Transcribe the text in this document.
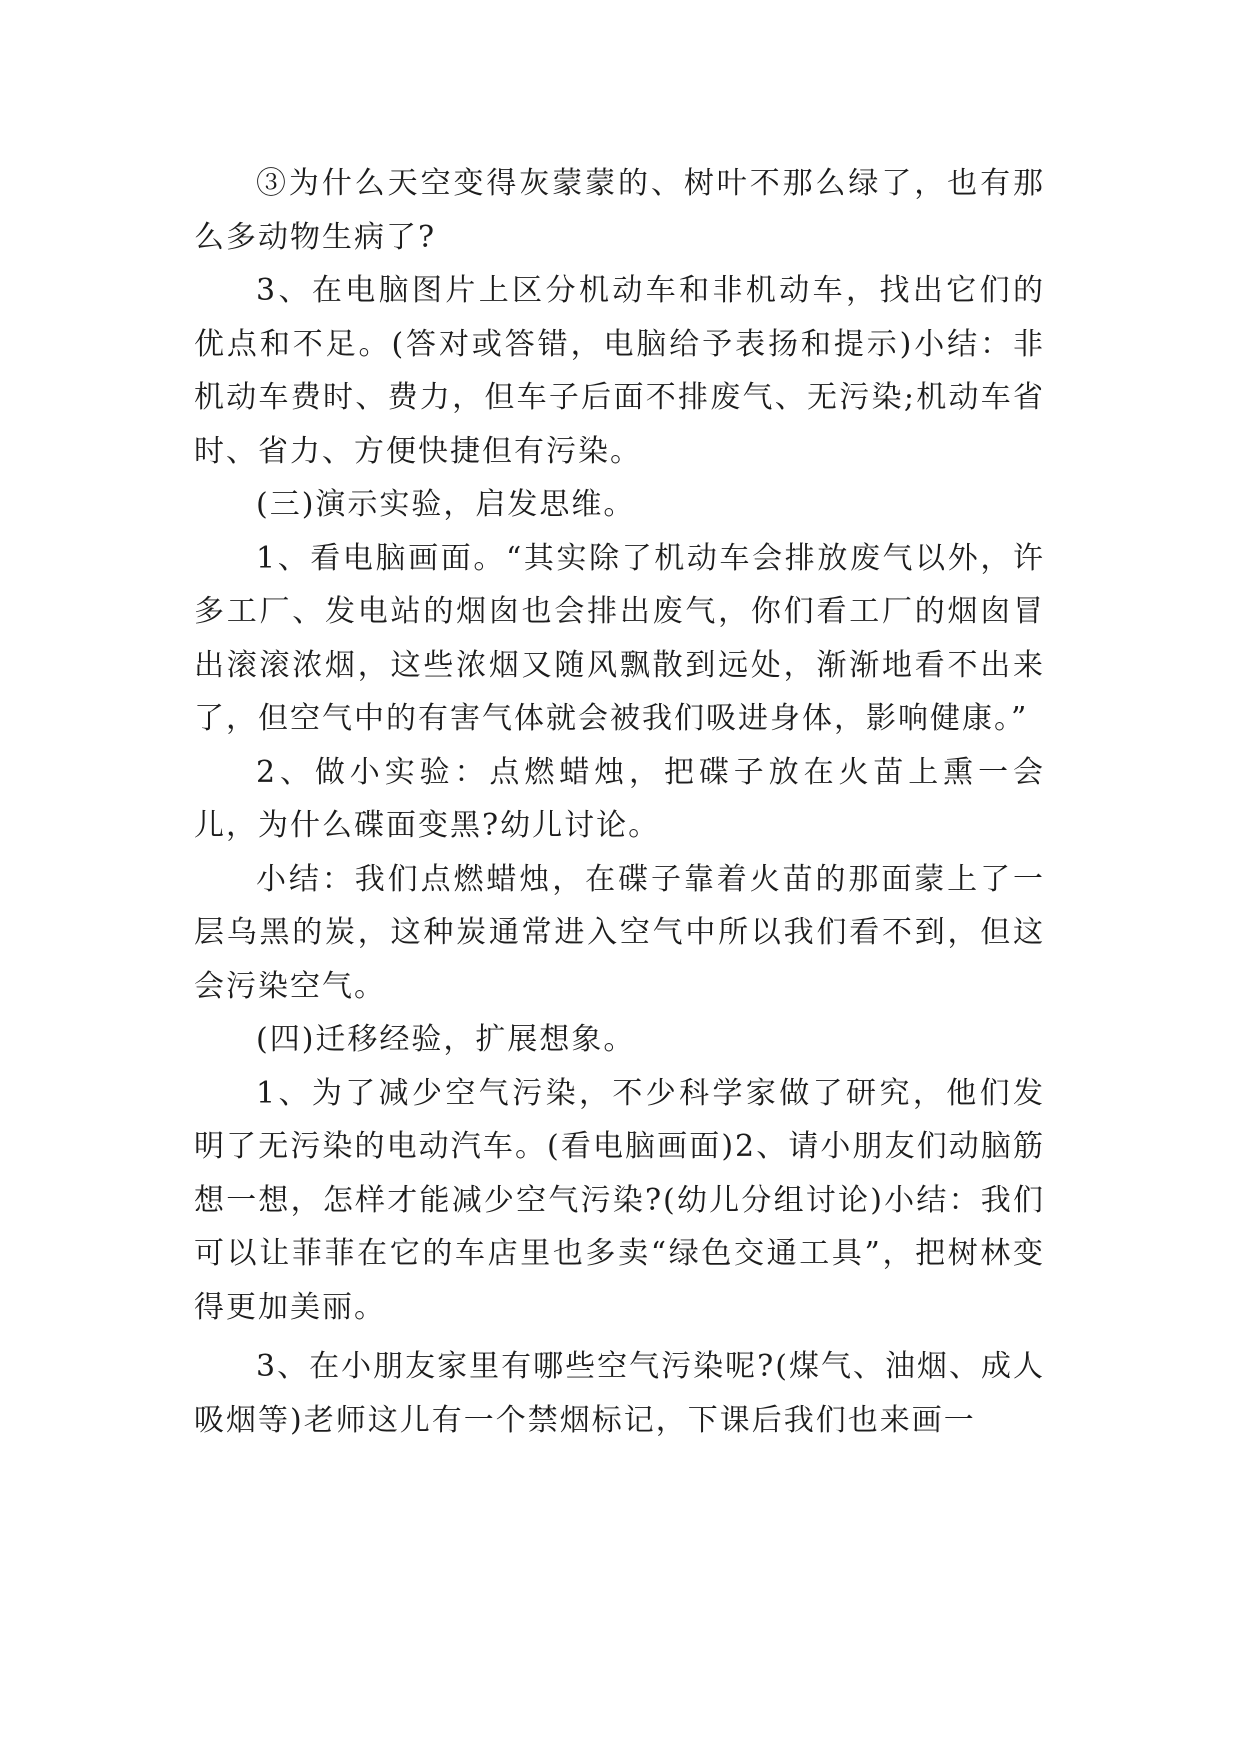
③为什么天空变得灰蒙蒙的、树叶不那么绿了，也有那么多动物生病了?

3、在电脑图片上区分机动车和非机动车，找出它们的优点和不足。(答对或答错，电脑给予表扬和提示)小结：非机动车费时、费力，但车子后面不排废气、无污染;机动车省时、省力、方便快捷但有污染。

(三)演示实验，启发思维。

1、看电脑画面。“其实除了机动车会排放废气以外，许多工厂、发电站的烟囱也会排出废气，你们看工厂的烟囱冒出滚滚浓烟，这些浓烟又随风飘散到远处，渐渐地看不出来了，但空气中的有害气体就会被我们吸进身体，影响健康。”

2、做小实验：点燃蜡烛，把碟子放在火苗上熏一会儿，为什么碟面变黑?幼儿讨论。

小结：我们点燃蜡烛，在碟子靠着火苗的那面蒙上了一层乌黑的炭，这种炭通常进入空气中所以我们看不到，但这会污染空气。

(四)迁移经验，扩展想象。

1、为了减少空气污染，不少科学家做了研究，他们发明了无污染的电动汽车。(看电脑画面)2、请小朋友们动脑筋想一想，怎样才能减少空气污染?(幼儿分组讨论)小结：我们可以让菲菲在它的车店里也多卖“绿色交通工具”，把树林变得更加美丽。

3、在小朋友家里有哪些空气污染呢?(煤气、油烟、成人吸烟等)老师这儿有一个禁烟标记，下课后我们也来画一
